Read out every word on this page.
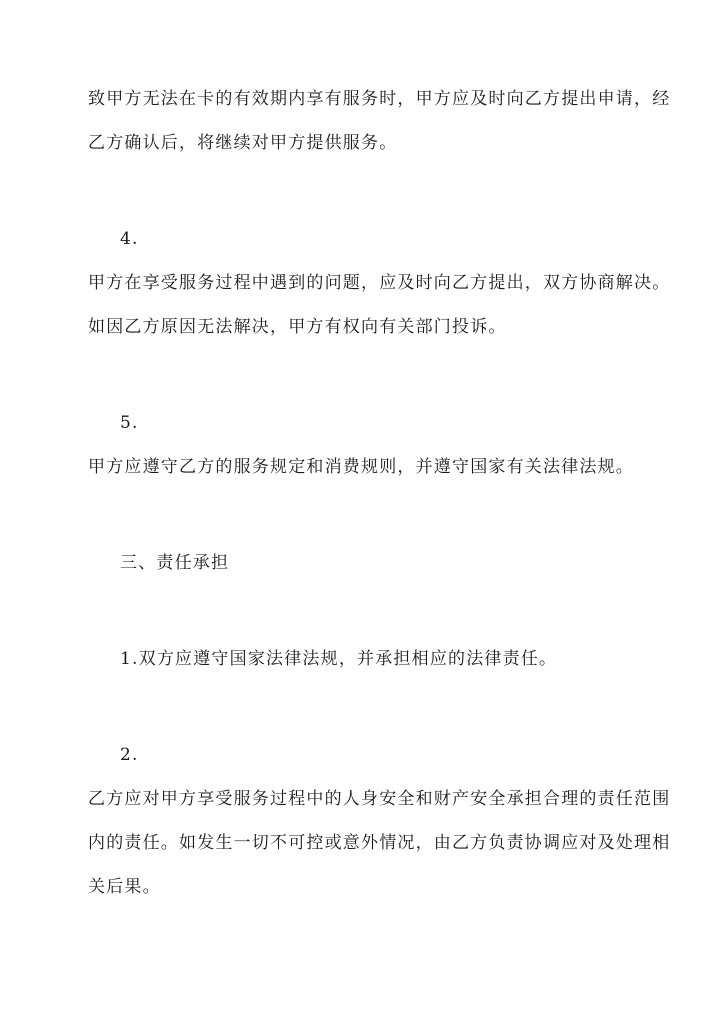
致甲方无法在卡的有效期内享有服务时，甲方应及时向乙方提出申请，经
乙方确认后，将继续对甲方提供服务。
4.
甲方在享受服务过程中遇到的问题，应及时向乙方提出，双方协商解决。
如因乙方原因无法解决，甲方有权向有关部门投诉。
5.
甲方应遵守乙方的服务规定和消费规则，并遵守国家有关法律法规。
三、责任承担
1.双方应遵守国家法律法规，并承担相应的法律责任。
2.
乙方应对甲方享受服务过程中的人身安全和财产安全承担合理的责任范围
内的责任。如发生一切不可控或意外情况，由乙方负责协调应对及处理相
关后果。
